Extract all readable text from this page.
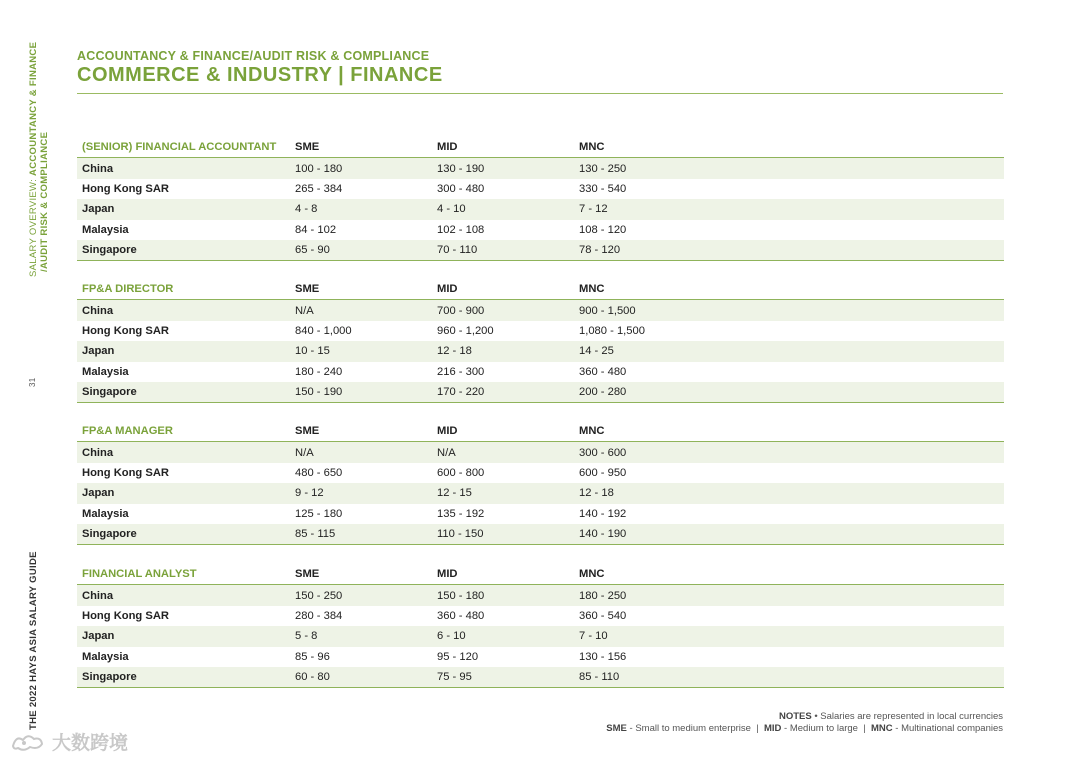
SALARY OVERVIEW: ACCOUNTANCY & FINANCE
/AUDIT RISK & COMPLIANCE
31
THE 2022 HAYS ASIA SALARY GUIDE
ACCOUNTANCY & FINANCE/AUDIT RISK & COMPLIANCE
COMMERCE & INDUSTRY | FINANCE
(SENIOR) FINANCIAL ACCOUNTANT	SME	MID	MNC
China	100 - 180	130 - 190	130 - 250
Hong Kong SAR	265 - 384	300 - 480	330 - 540
Japan	4 - 8	4 - 10	7 - 12
Malaysia	84 - 102	102 - 108	108 - 120
Singapore	65 - 90	70 - 110	78 - 120
FP&A DIRECTOR	SME	MID	MNC
China	N/A	700 - 900	900 - 1,500
Hong Kong SAR	840 - 1,000	960 - 1,200	1,080 - 1,500
Japan	10 - 15	12 - 18	14 - 25
Malaysia	180 - 240	216 - 300	360 - 480
Singapore	150 - 190	170 - 220	200 - 280
FP&A MANAGER	SME	MID	MNC
China	N/A	N/A	300 - 600
Hong Kong SAR	480 - 650	600 - 800	600 - 950
Japan	9 - 12	12 - 15	12 - 18
Malaysia	125 - 180	135 - 192	140 - 192
Singapore	85 - 115	110 - 150	140 - 190
FINANCIAL ANALYST	SME	MID	MNC
China	150 - 250	150 - 180	180 - 250
Hong Kong SAR	280 - 384	360 - 480	360 - 540
Japan	5 - 8	6 - 10	7 - 10
Malaysia	85 - 96	95 - 120	130 - 156
Singapore	60 - 80	75 - 95	85 - 110
NOTES • Salaries are represented in local currencies
SME - Small to medium enterprise  |  MID - Medium to large  |  MNC - Multinational companies
大数跨境
